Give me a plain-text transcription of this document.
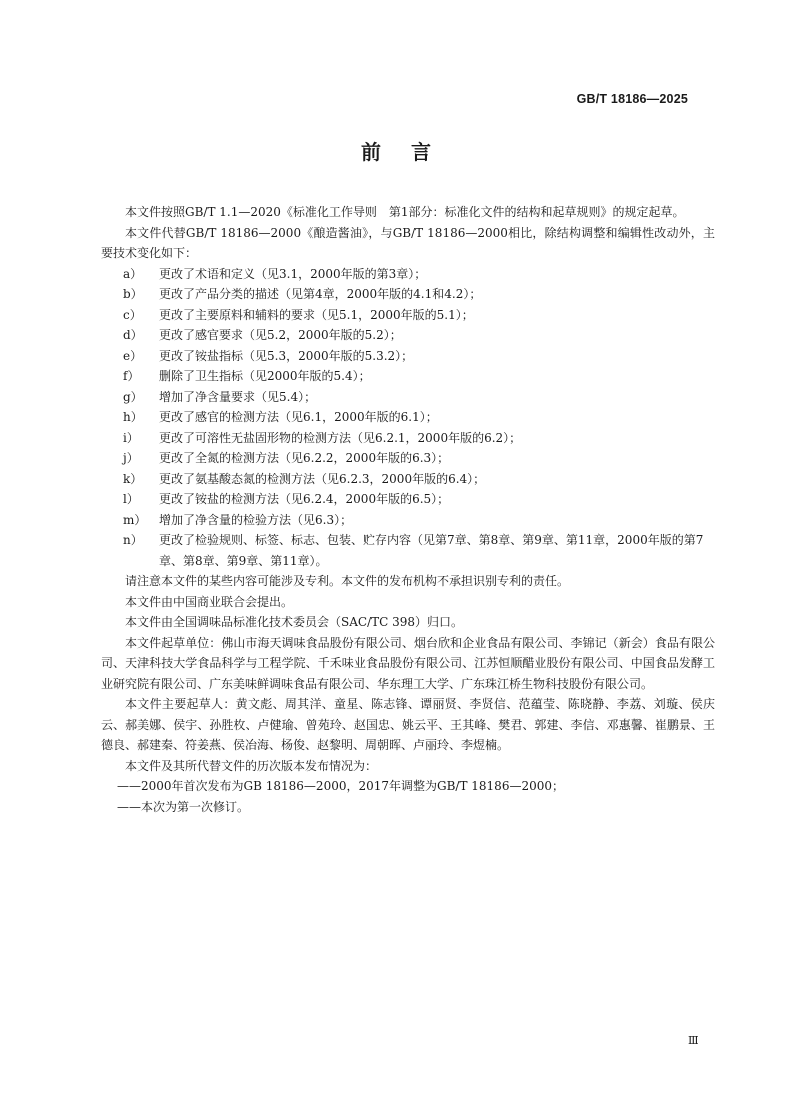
GB/T 18186—2025
前言

本文件按照GB/T 1.1—2020《标准化工作导则　第1部分：标准化文件的结构和起草规则》的规定起草。

本文件代替GB/T 18186—2000《酿造酱油》，与GB/T 18186—2000相比，除结构调整和编辑性改动外，主要技术变化如下：

a）	更改了术语和定义（见3.1，2000年版的第3章）；
b）	更改了产品分类的描述（见第4章，2000年版的4.1和4.2）；
c）	更改了主要原料和辅料的要求（见5.1，2000年版的5.1）；
d）	更改了感官要求（见5.2，2000年版的5.2）；
e）	更改了铵盐指标（见5.3，2000年版的5.3.2）；
f）	删除了卫生指标（见2000年版的5.4）；
g）	增加了净含量要求（见5.4）；
h）	更改了感官的检测方法（见6.1，2000年版的6.1）；
i）	更改了可溶性无盐固形物的检测方法（见6.2.1，2000年版的6.2）；
j）	更改了全氮的检测方法（见6.2.2，2000年版的6.3）；
k）	更改了氨基酸态氮的检测方法（见6.2.3，2000年版的6.4）；
l）	更改了铵盐的检测方法（见6.2.4，2000年版的6.5）；
m）	增加了净含量的检验方法（见6.3）；
n）	更改了检验规则、标签、标志、包装、贮存内容（见第7章、第8章、第9章、第11章，2000年版的第7章、第8章、第9章、第11章）。

请注意本文件的某些内容可能涉及专利。本文件的发布机构不承担识别专利的责任。

本文件由中国商业联合会提出。

本文件由全国调味品标准化技术委员会（SAC/TC 398）归口。

本文件起草单位：佛山市海天调味食品股份有限公司、烟台欣和企业食品有限公司、李锦记（新会）食品有限公司、天津科技大学食品科学与工程学院、千禾味业食品股份有限公司、江苏恒顺醋业股份有限公司、中国食品发酵工业研究院有限公司、广东美味鲜调味食品有限公司、华东理工大学、广东珠江桥生物科技股份有限公司。

本文件主要起草人：黄文彪、周其洋、童星、陈志锋、谭丽贤、李贤信、范蕴莹、陈晓静、李荔、刘璇、侯庆云、郝美娜、侯宇、孙胜枚、卢健瑜、曾苑玲、赵国忠、姚云平、王其峰、樊君、郭建、李信、邓惠馨、崔鹏景、王德良、郝建秦、符姜燕、侯冶海、杨俊、赵黎明、周朝晖、卢丽玲、李煜楠。

本文件及其所代替文件的历次版本发布情况为：

——2000年首次发布为GB 18186—2000，2017年调整为GB/T 18186—2000；
——本次为第一次修订。
Ⅲ
